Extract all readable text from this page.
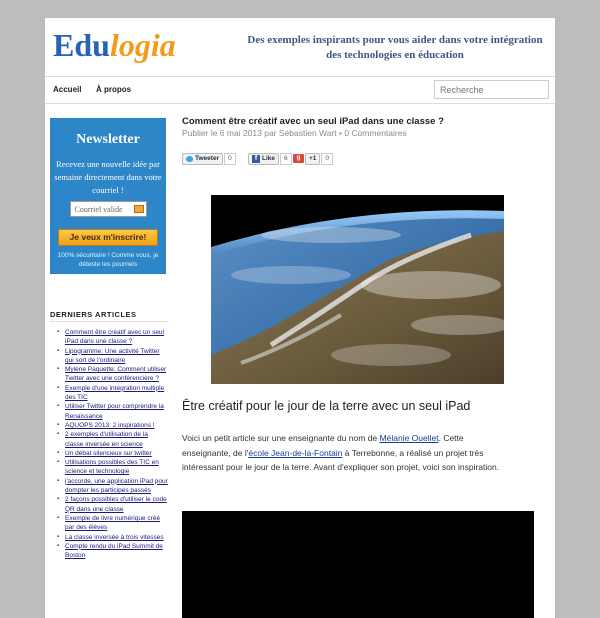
Edulogia	Des exemples inspirants pour vous aider dans votre intégration
des technologies en éducation
Accueil À propos
Recherche
Newsletter
Recevez une nouvelle idée par semaine directement dans votre courriel !
Courriel valide
Je veux m'inscrire!
100% sécuritaire ! Comme vous, je déteste les pourriels
DERNIERS ARTICLES
▪ Comment être créatif avec un seul iPad dans une classe ?
▪ Lipogramme: Une activité Twitter qui sort de l'ordinaire
▪ Mylène Paquette: Comment utiliser Twitter avec une conférencière ?
▪ Exemple d'une intégration multiple des TIC
▪ Utiliser Twitter pour comprendre la Renaissance
▪ AQUOPS 2013: 2 inspirations !
▪ 2 exemples d'utilisation de la classe inversée en science
▪ Un débat silencieux sur twitter
▪ Utilisations possibles des TIC en science et technologie
▪ j'accorde, une application iPad pour dompter les participes passés
▪ 2 façons possibles d'utiliser le code QR dans une classe
▪ Exemple de livre numérique créé par des élèves
▪ La classe inversée à trois vitesses
▪ Compte rendu du iPad Summit de Boston
Comment être créatif avec un seul iPad dans une classe ?
Publier le 6 mai 2013 par Sébastien Wart • 0 Commentaires
Tweeter	0	f Like	6	g	+1	0
Être créatif pour le jour de la terre avec un seul iPad

Voici un petit article sur une enseignante du nom de Mélanie Ouellet. Cette enseignante, de l'école Jean-de-la-Fontain à Terrebonne, a réalisé un projet très intéressant pour le jour de la terre. Avant d'expliquer son projet, voici son inspiration.
